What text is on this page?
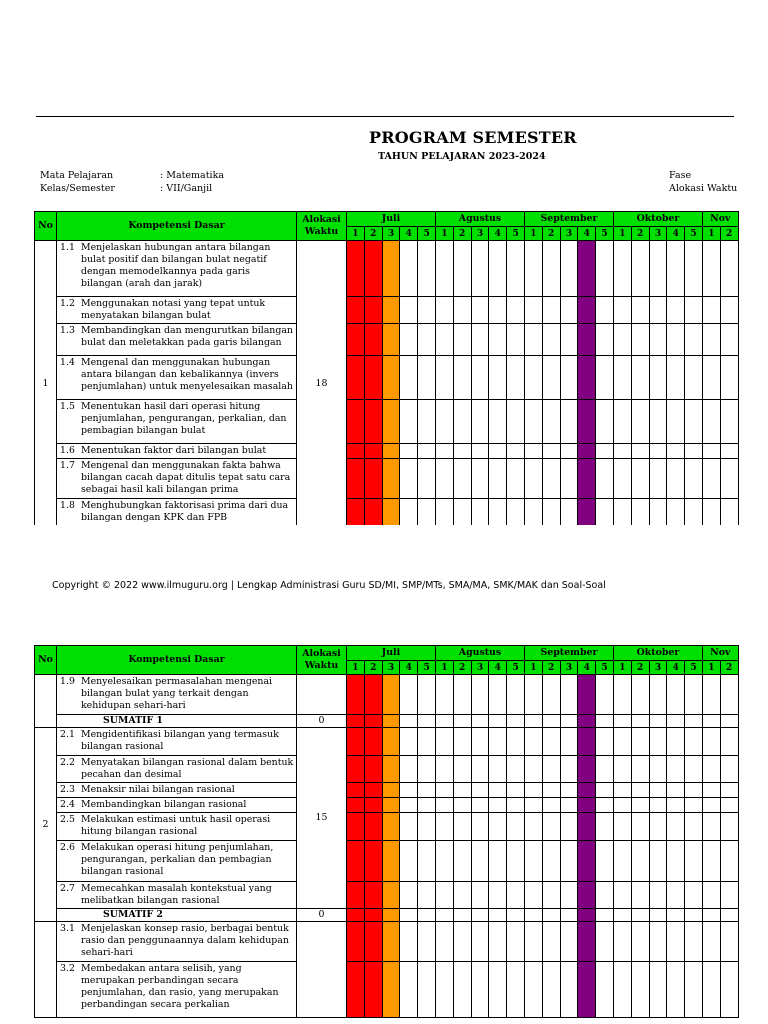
PROGRAM SEMESTER
TAHUN PELAJARAN 2023-2024
Mata Pelajaran	: Matematika
Kelas/Semester	: VII/Ganjil
Fase
Alokasi Waktu
No	Kompetensi Dasar	Alokasi Waktu	Juli					Agustus					September					Oktober					Nov	
			1	2	3	4	5	1	2	3	4	5	1	2	3	4	5	1	2	3	4	5	1	2
1	1.1 Menjelaskan hubungan antara bilangan bulat positif dan bilangan bulat negatif dengan memodelkannya pada garis bilangan (arah dan jarak)	18																						

	1.2 Menggunakan notasi yang tepat untuk menyatakan bilangan bulat																							

	1.3 Membandingkan dan mengurutkan bilangan bulat dan meletakkan pada garis bilangan																							

	1.4 Mengenal dan menggunakan hubungan antara bilangan dan kebalikannya (invers penjumlahan) untuk menyelesaikan masalah																							

	1.5 Menentukan hasil dari operasi hitung penjumlahan, pengurangan, perkalian, dan pembagian bilangan bulat																							

	1.6 Menentukan faktor dari bilangan bulat																							

	1.7 Mengenal dan menggunakan fakta bahwa bilangan cacah dapat ditulis tepat satu cara sebagai hasil kali bilangan prima																							

	1.8 Menghubungkan faktorisasi prima dari dua bilangan dengan KPK dan FPB																							
Copyright © 2022 www.ilmuguru.org | Lengkap Administrasi Guru SD/MI, SMP/MTs, SMA/MA, SMK/MAK dan Soal-Soal
No	Kompetensi Dasar	Alokasi Waktu	Juli					Agustus					September					Oktober					Nov	
			1	2	3	4	5	1	2	3	4	5	1	2	3	4	5	1	2	3	4	5	1	2

	1.9 Menyelesaikan permasalahan mengenai bilangan bulat yang terkait dengan kehidupan sehari-hari																							
	SUMATIF 1	0																						
2	2.1 Mengidentifikasi bilangan yang termasuk bilangan rasional	15																						

	2.2 Menyatakan bilangan rasional dalam bentuk pecahan dan desimal																							

	2.3 Menaksir nilai bilangan rasional																							

	2.4 Membandingkan bilangan rasional																							

	2.5 Melakukan estimasi untuk hasil operasi hitung bilangan rasional																							

	2.6 Melakukan operasi hitung penjumlahan, pengurangan, perkalian dan pembagian bilangan rasional																							

	2.7 Memecahkan masalah kontekstual yang melibatkan bilangan rasional																							
	SUMATIF 2	0																						

	3.1 Menjelaskan konsep rasio, berbagai bentuk rasio dan penggunaannya dalam kehidupan sehari-hari																							

	3.2 Membedakan antara selisih, yang merupakan perbandingan secara penjumlahan, dan rasio, yang merupakan perbandingan secara perkalian																							
